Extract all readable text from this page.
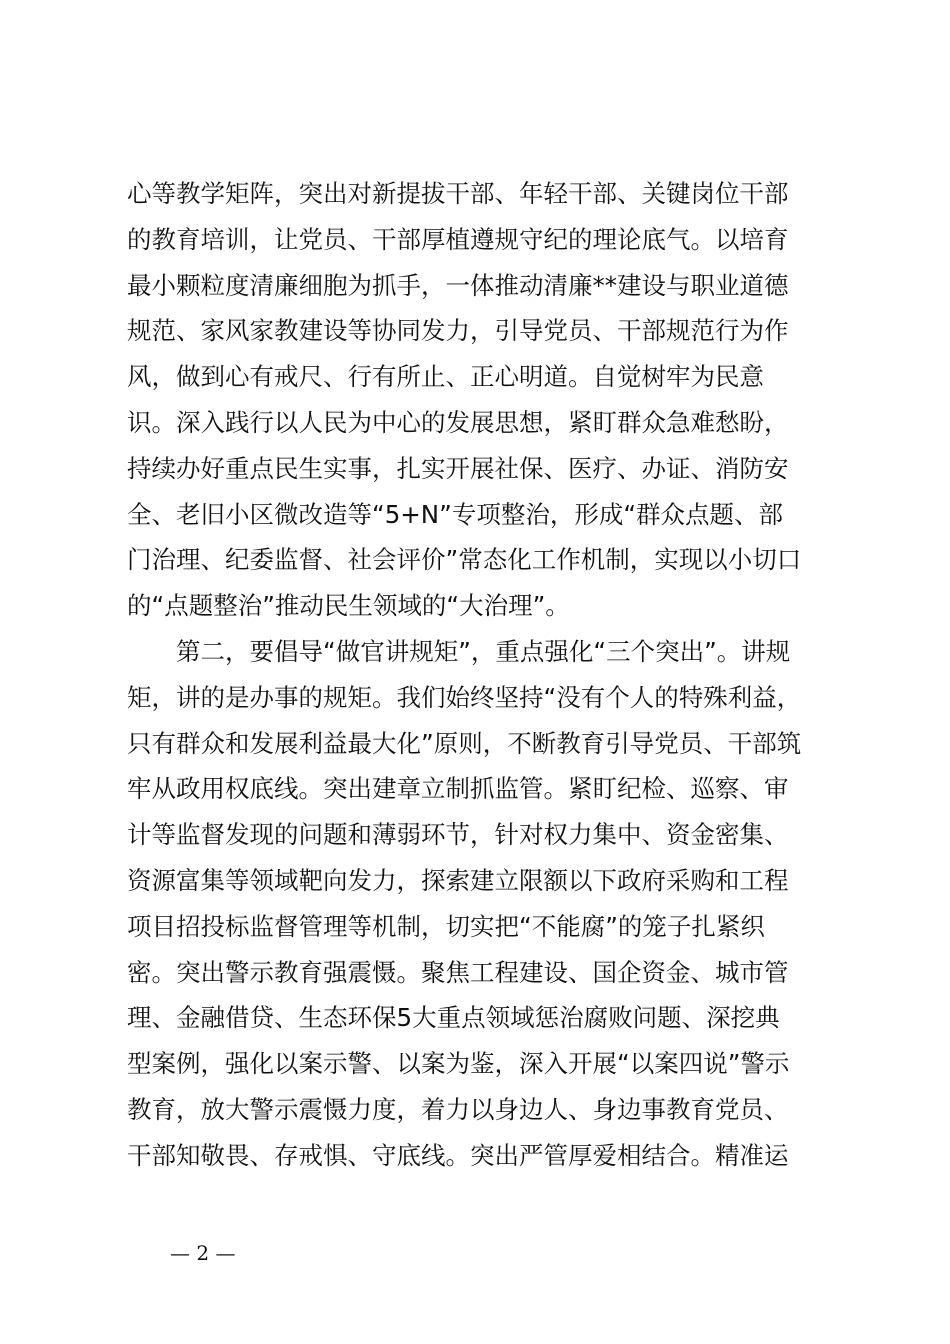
心等教学矩阵，突出对新提拔干部、年轻干部、关键岗位干部
的教育培训，让党员、干部厚植遵规守纪的理论底气。以培育
最小颗粒度清廉细胞为抓手，一体推动清廉**建设与职业道德
规范、家风家教建设等协同发力，引导党员、干部规范行为作
风，做到心有戒尺、行有所止、正心明道。自觉树牢为民意
识。深入践行以人民为中心的发展思想，紧盯群众急难愁盼，
持续办好重点民生实事，扎实开展社保、医疗、办证、消防安
全、老旧小区微改造等“5+N”专项整治，形成“群众点题、部
门治理、纪委监督、社会评价”常态化工作机制，实现以小切口
的“点题整治”推动民生领域的“大治理”。
　　第二，要倡导“做官讲规矩”，重点强化“三个突出”。讲规
矩，讲的是办事的规矩。我们始终坚持“没有个人的特殊利益，
只有群众和发展利益最大化”原则，不断教育引导党员、干部筑
牢从政用权底线。突出建章立制抓监管。紧盯纪检、巡察、审
计等监督发现的问题和薄弱环节，针对权力集中、资金密集、
资源富集等领域靶向发力，探索建立限额以下政府采购和工程
项目招投标监督管理等机制，切实把“不能腐”的笼子扎紧织
密。突出警示教育强震慑。聚焦工程建设、国企资金、城市管
理、金融借贷、生态环保5大重点领域惩治腐败问题、深挖典
型案例，强化以案示警、以案为鉴，深入开展“以案四说”警示
教育，放大警示震慑力度，着力以身边人、身边事教育党员、
干部知敬畏、存戒惧、守底线。突出严管厚爱相结合。精准运
— 2 —
